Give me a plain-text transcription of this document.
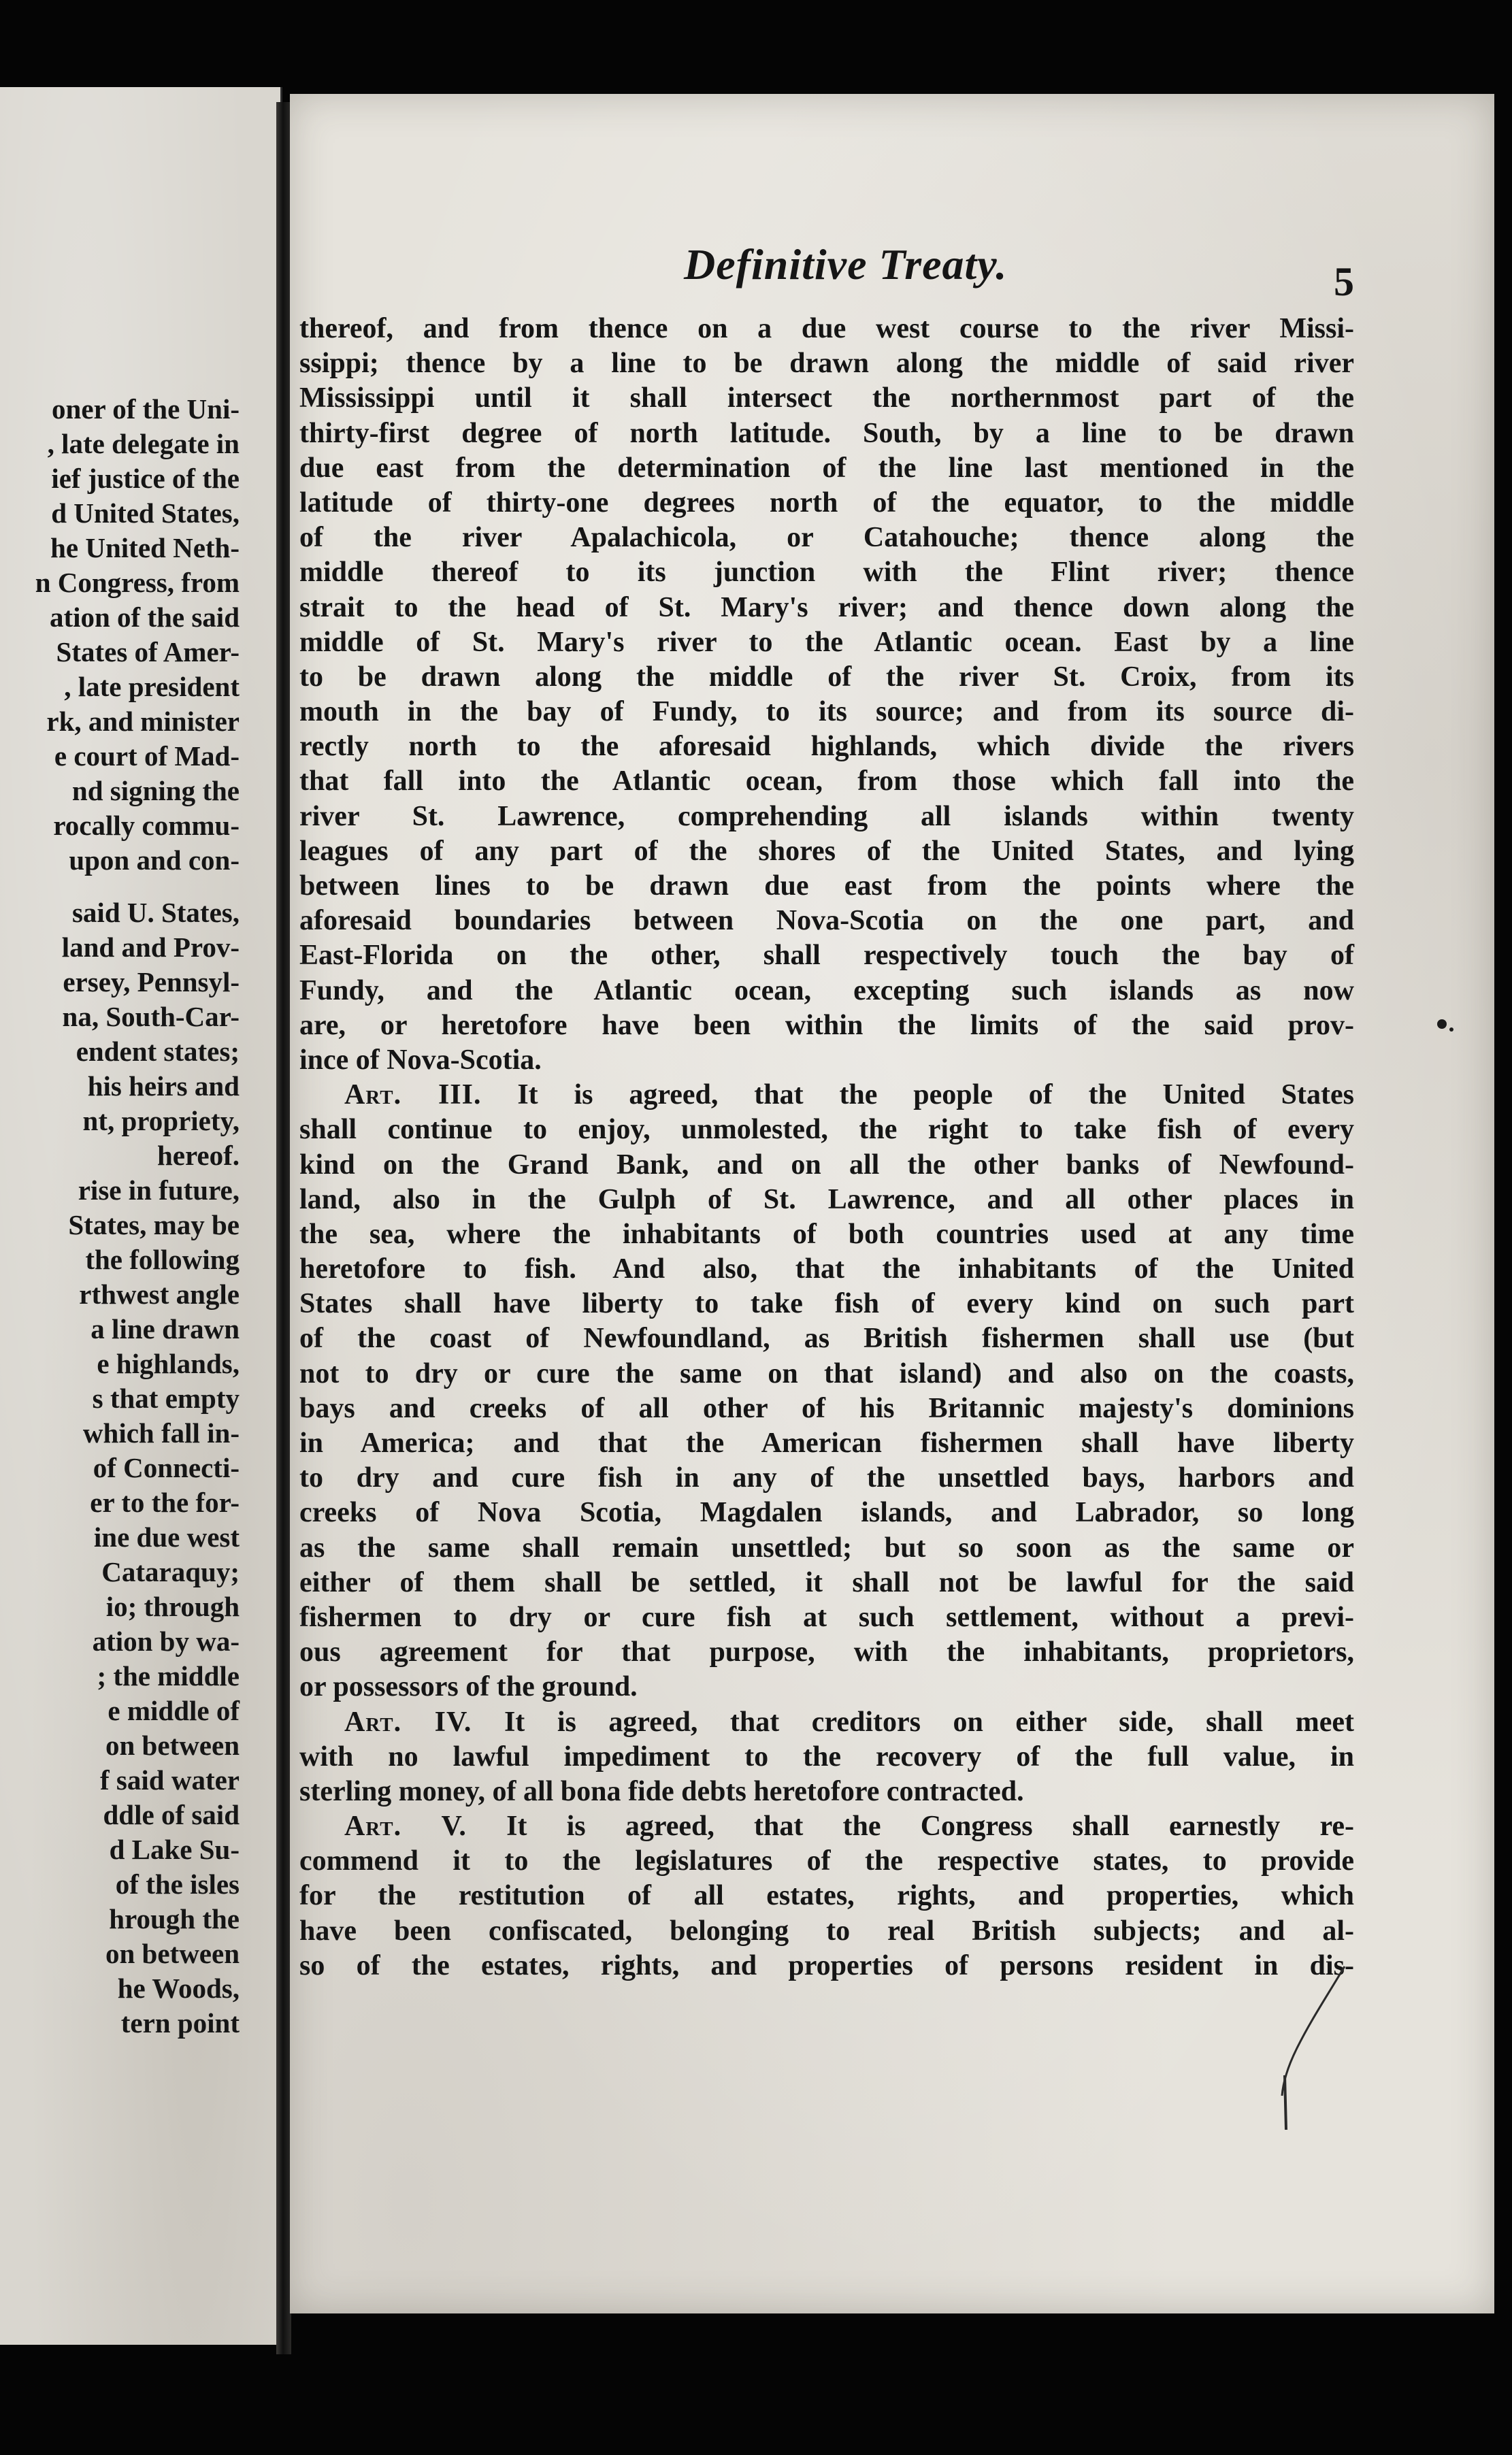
oner of the Uni-
, late delegate in
ief justice of the
d United States,
he United Neth-
n Congress, from
ation of the said
States of Amer-
, late president
rk, and minister
e court of Mad-
nd signing the
rocally commu-
upon and con-
said U. States,
land and Prov-
ersey, Pennsyl-
na, South-Car-
endent states;
his heirs and
nt, propriety,
hereof.
rise in future,
States, may be
the following
rthwest angle
a line drawn
e highlands,
s that empty
which fall in-
of Connecti-
er to the for-
ine due west
Cataraquy;
io; through
ation by wa-
; the middle
e middle of
on between
f said water
ddle of said
d Lake Su-
of the isles
hrough the
on between
he Woods,
tern point
Definitive Treaty.	5
thereof, and from thence on a due west course to the river Missi-
ssippi; thence by a line to be drawn along the middle of said river
Mississippi until it shall intersect the northernmost part of the
thirty-first degree of north latitude. South, by a line to be drawn
due east from the determination of the line last mentioned in the
latitude of thirty-one degrees north of the equator, to the middle
of the river Apalachicola, or Catahouche; thence along the
middle thereof to its junction with the Flint river; thence
strait to the head of St. Mary's river; and thence down along the
middle of St. Mary's river to the Atlantic ocean. East by a line
to be drawn along the middle of the river St. Croix, from its
mouth in the bay of Fundy, to its source; and from its source di-
rectly north to the aforesaid highlands, which divide the rivers
that fall into the Atlantic ocean, from those which fall into the
river St. Lawrence, comprehending all islands within twenty
leagues of any part of the shores of the United States, and lying
between lines to be drawn due east from the points where the
aforesaid boundaries between Nova-Scotia on the one part, and
East-Florida on the other, shall respectively touch the bay of
Fundy, and the Atlantic ocean, excepting such islands as now
are, or heretofore have been within the limits of the said prov-
ince of Nova-Scotia.
Art. III. It is agreed, that the people of the United States
shall continue to enjoy, unmolested, the right to take fish of every
kind on the Grand Bank, and on all the other banks of Newfound-
land, also in the Gulph of St. Lawrence, and all other places in
the sea, where the inhabitants of both countries used at any time
heretofore to fish. And also, that the inhabitants of the United
States shall have liberty to take fish of every kind on such part
of the coast of Newfoundland, as British fishermen shall use (but
not to dry or cure the same on that island) and also on the coasts,
bays and creeks of all other of his Britannic majesty's dominions
in America; and that the American fishermen shall have liberty
to dry and cure fish in any of the unsettled bays, harbors and
creeks of Nova Scotia, Magdalen islands, and Labrador, so long
as the same shall remain unsettled; but so soon as the same or
either of them shall be settled, it shall not be lawful for the said
fishermen to dry or cure fish at such settlement, without a previ-
ous agreement for that purpose, with the inhabitants, proprietors,
or possessors of the ground.
Art. IV. It is agreed, that creditors on either side, shall meet
with no lawful impediment to the recovery of the full value, in
sterling money, of all bona fide debts heretofore contracted.
Art. V. It is agreed, that the Congress shall earnestly re-
commend it to the legislatures of the respective states, to provide
for the restitution of all estates, rights, and properties, which
have been confiscated, belonging to real British subjects; and al-
so of the estates, rights, and properties of persons resident in dis-
